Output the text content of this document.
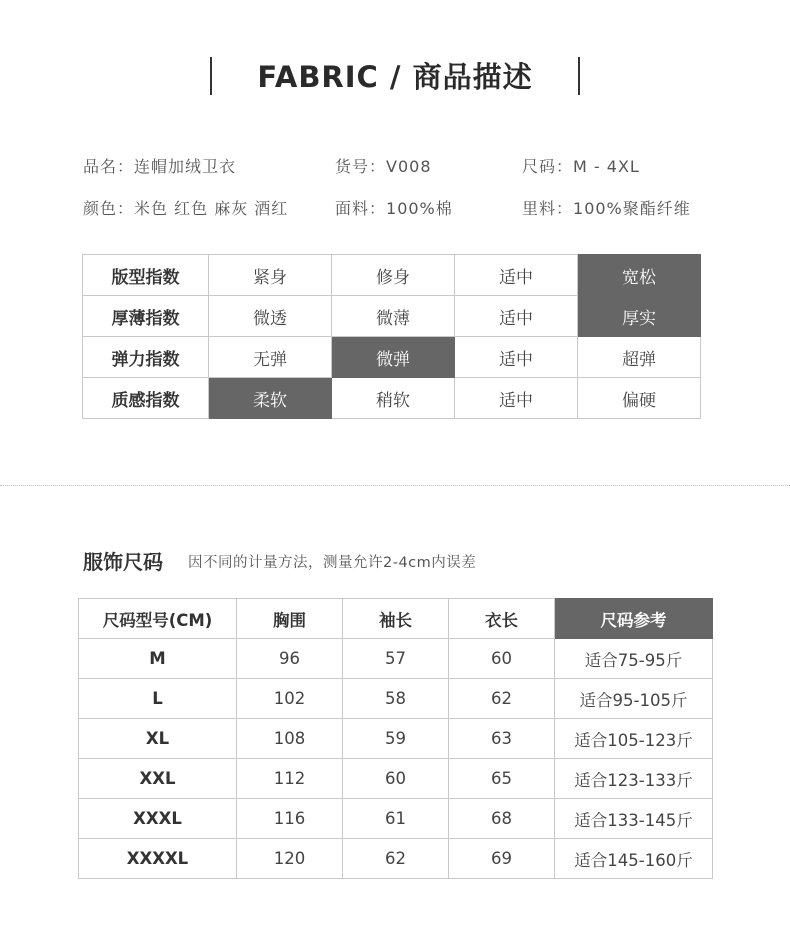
FABRIC / 商品描述
品名：连帽加绒卫衣	货号：V008	尺码：M - 4XL
颜色：米色 红色 麻灰 酒红	面料：100%棉	里料：100%聚酯纤维
版型指数	紧身	修身	适中	宽松
厚薄指数	微透	微薄	适中	厚实
弹力指数	无弹	微弹	适中	超弹
质感指数	柔软	稍软	适中	偏硬
服饰尺码 因不同的计量方法，测量允许2-4cm内误差
尺码型号(CM)	胸围	袖长	衣长	尺码参考
M	96	57	60	适合75-95斤
L	102	58	62	适合95-105斤
XL	108	59	63	适合105-123斤
XXL	112	60	65	适合123-133斤
XXXL	116	61	68	适合133-145斤
XXXXL	120	62	69	适合145-160斤
